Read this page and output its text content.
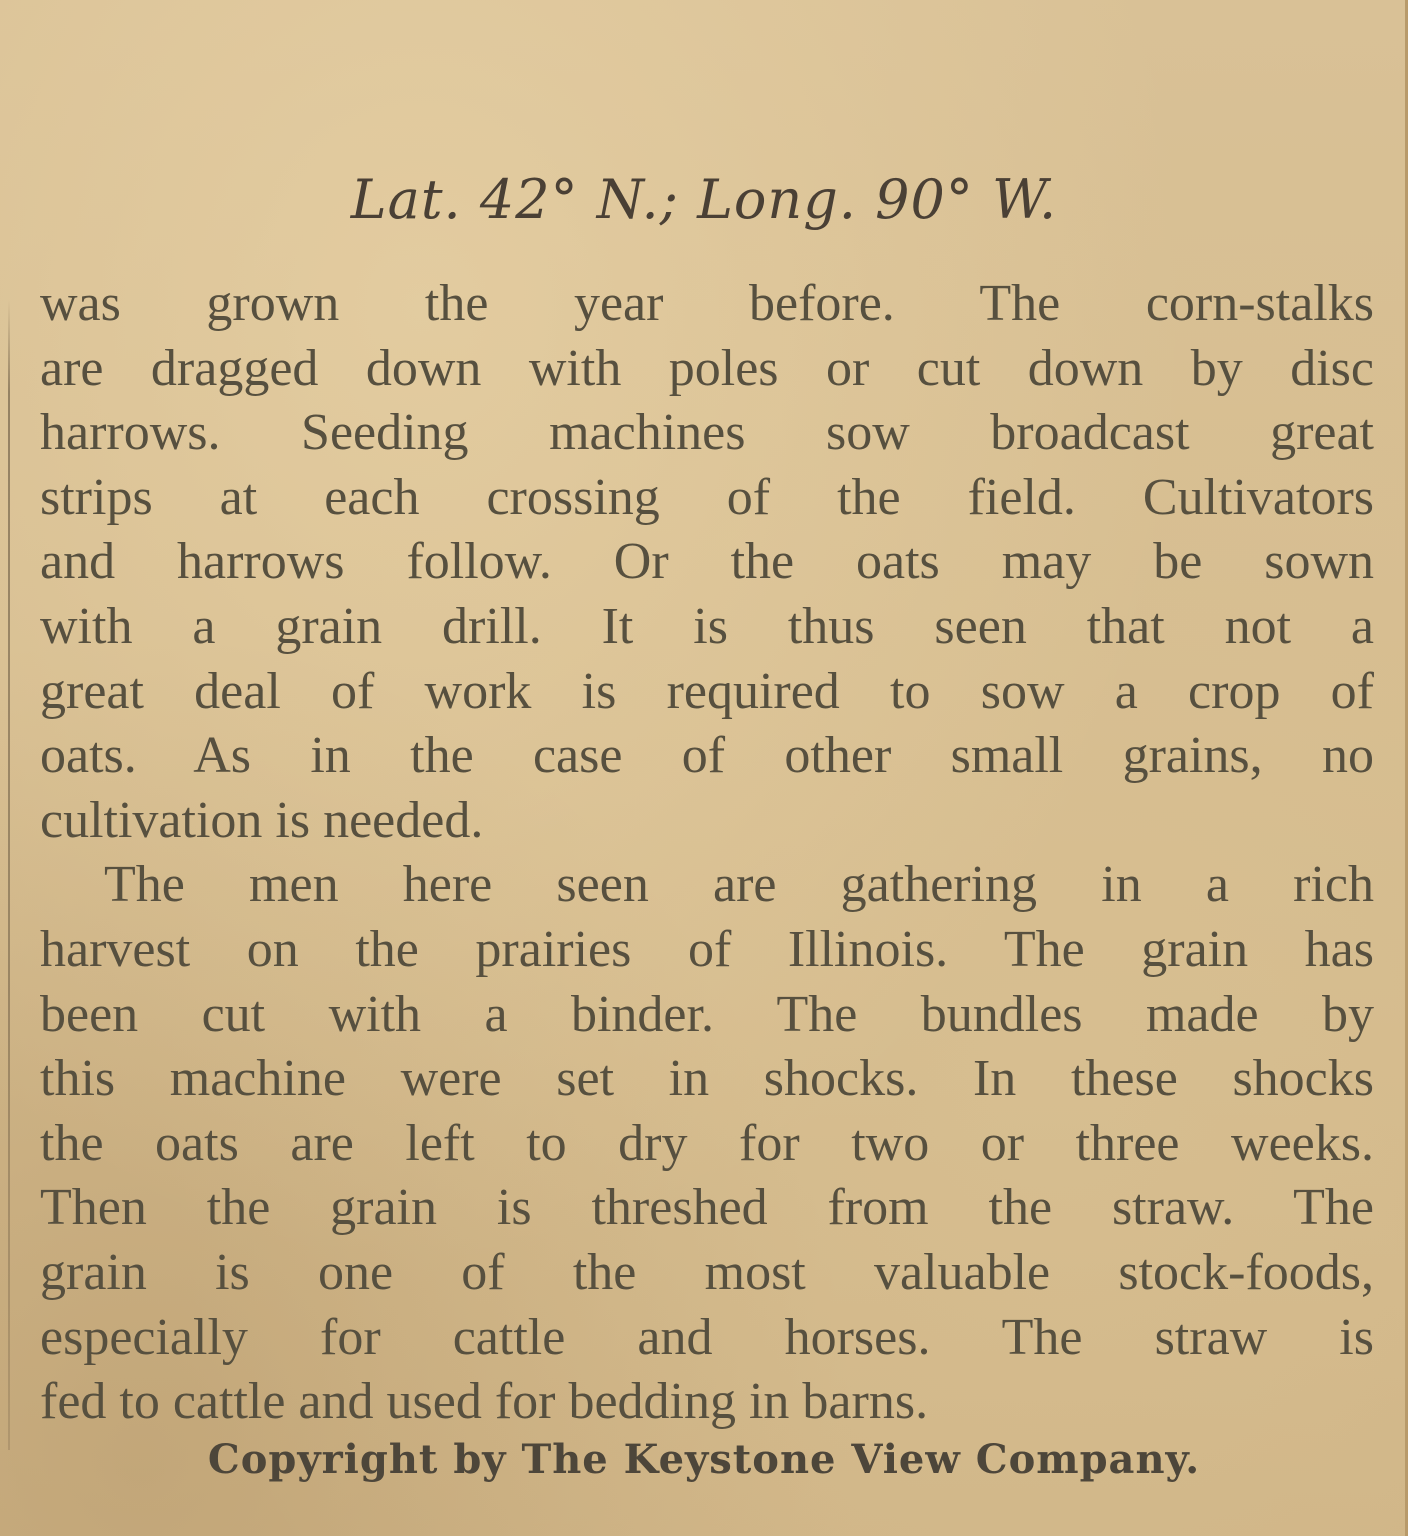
Lat. 42° N.; Long. 90° W.
was grown the year before. The corn-stalks
are dragged down with poles or cut down by disc
harrows. Seeding machines sow broadcast great
strips at each crossing of the field. Cultivators
and harrows follow. Or the oats may be sown
with a grain drill. It is thus seen that not a
great deal of work is required to sow a crop of
oats. As in the case of other small grains, no
cultivation is needed.
The men here seen are gathering in a rich
harvest on the prairies of Illinois. The grain has
been cut with a binder. The bundles made by
this machine were set in shocks. In these shocks
the oats are left to dry for two or three weeks.
Then the grain is threshed from the straw. The
grain is one of the most valuable stock-foods,
especially for cattle and horses. The straw is
fed to cattle and used for bedding in barns.
Copyright by The Keystone View Company.
